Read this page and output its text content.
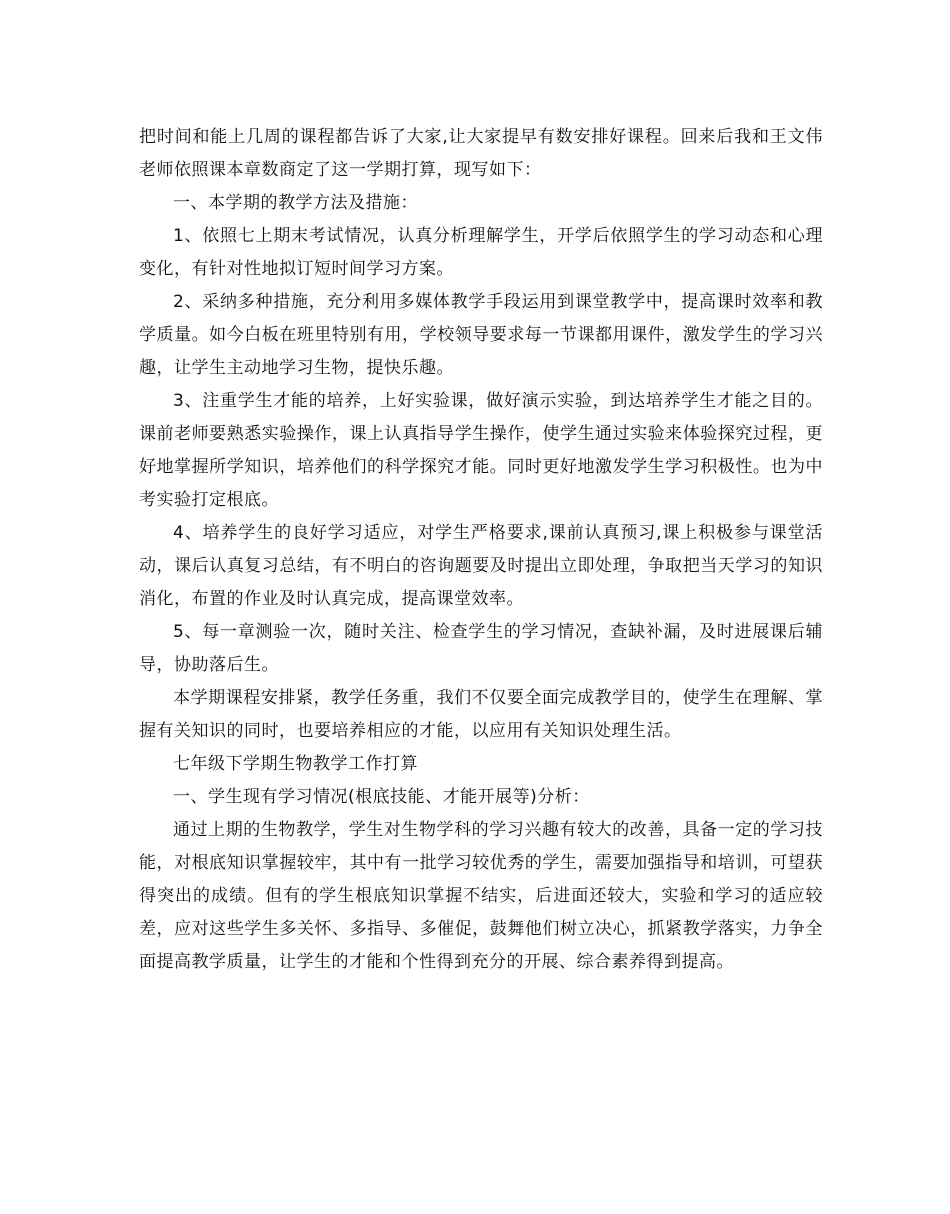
把时间和能上几周的课程都告诉了大家,让大家提早有数安排好课程。回来后我和王文伟老师依照课本章数商定了这一学期打算，现写如下：

一、本学期的教学方法及措施：

1、依照七上期末考试情况，认真分析理解学生，开学后依照学生的学习动态和心理变化，有针对性地拟订短时间学习方案。

2、采纳多种措施，充分利用多媒体教学手段运用到课堂教学中，提高课时效率和教学质量。如今白板在班里特别有用，学校领导要求每一节课都用课件，激发学生的学习兴趣，让学生主动地学习生物，提快乐趣。

3、注重学生才能的培养，上好实验课，做好演示实验，到达培养学生才能之目的。课前老师要熟悉实验操作，课上认真指导学生操作，使学生通过实验来体验探究过程，更好地掌握所学知识，培养他们的科学探究才能。同时更好地激发学生学习积极性。也为中考实验打定根底。

4、培养学生的良好学习适应，对学生严格要求,课前认真预习,课上积极参与课堂活动，课后认真复习总结，有不明白的咨询题要及时提出立即处理，争取把当天学习的知识消化，布置的作业及时认真完成，提高课堂效率。

5、每一章测验一次，随时关注、检查学生的学习情况，查缺补漏，及时进展课后辅导，协助落后生。

本学期课程安排紧，教学任务重，我们不仅要全面完成教学目的，使学生在理解、掌握有关知识的同时，也要培养相应的才能，以应用有关知识处理生活。

七年级下学期生物教学工作打算

一、学生现有学习情况(根底技能、才能开展等)分析：

通过上期的生物教学，学生对生物学科的学习兴趣有较大的改善，具备一定的学习技能，对根底知识掌握较牢，其中有一批学习较优秀的学生，需要加强指导和培训，可望获得突出的成绩。但有的学生根底知识掌握不结实，后进面还较大，实验和学习的适应较差，应对这些学生多关怀、多指导、多催促，鼓舞他们树立决心，抓紧教学落实，力争全面提高教学质量，让学生的才能和个性得到充分的开展、综合素养得到提高。
